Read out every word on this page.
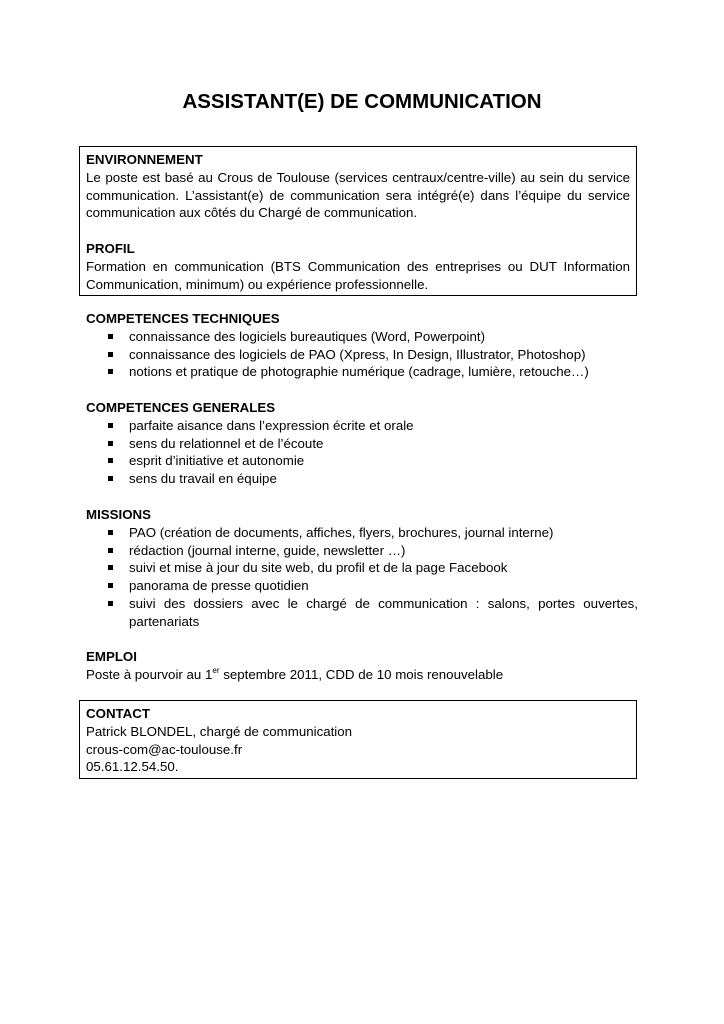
ASSISTANT(E) DE COMMUNICATION
ENVIRONNEMENT

Le poste est basé au Crous de Toulouse (services centraux/centre-ville) au sein du service communication. L’assistant(e) de communication sera intégré(e) dans l’équipe du service communication aux côtés du Chargé de communication.

PROFIL

Formation en communication (BTS Communication des entreprises ou DUT Information Communication, minimum) ou expérience professionnelle.

COMPETENCES TECHNIQUES
connaissance des logiciels bureautiques (Word, Powerpoint)
connaissance des logiciels de PAO (Xpress, In Design, Illustrator, Photoshop)
notions et pratique de photographie numérique (cadrage, lumière, retouche…)
COMPETENCES GENERALES
parfaite aisance dans l’expression écrite et orale
sens du relationnel et de l’écoute
esprit d’initiative et autonomie
sens du travail en équipe
MISSIONS
PAO (création de documents, affiches, flyers, brochures, journal interne)
rédaction (journal interne, guide, newsletter …)
suivi et mise à jour du site web, du profil et de la page Facebook
panorama de presse quotidien
suivi des dossiers avec le chargé de communication : salons, portes ouvertes, partenariats
EMPLOI
Poste à pourvoir au 1er septembre 2011, CDD de 10 mois renouvelable
CONTACT
Patrick BLONDEL, chargé de communication
crous-com@ac-toulouse.fr
05.61.12.54.50.
